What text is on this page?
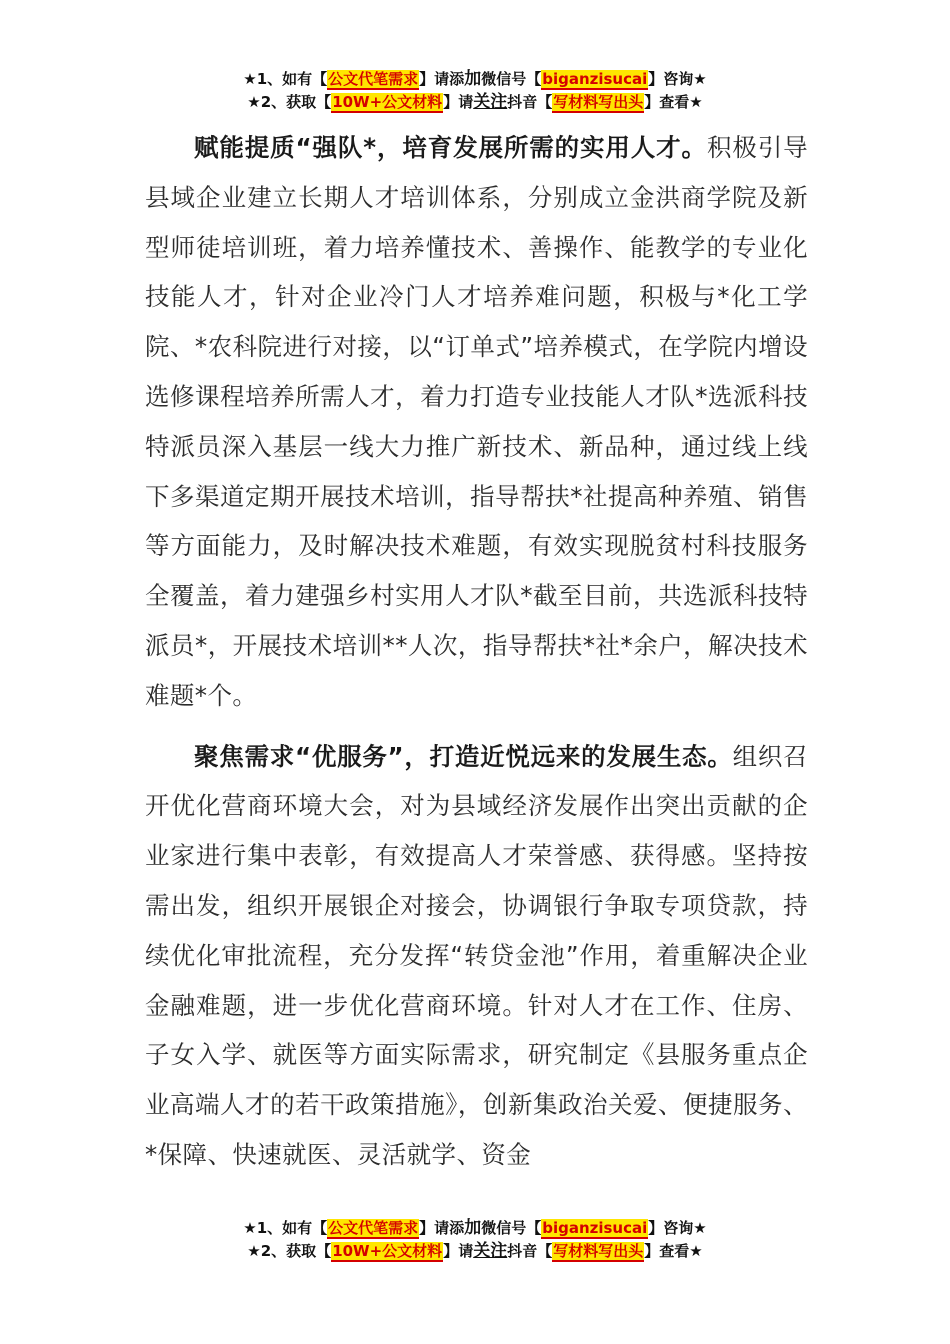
★1、如有【公文代笔需求】请添加微信号【biganzisucai】咨询★
★2、获取【10W+公文材料】请关注抖音【写材料写出头】查看★

赋能提质“强队*，培育发展所需的实用人才。积极引导县域企业建立长期人才培训体系，分别成立金洪商学院及新型师徒培训班，着力培养懂技术、善操作、能教学的专业化技能人才，针对企业冷门人才培养难问题，积极与*化工学院、*农科院进行对接，以“订单式”培养模式，在学院内增设选修课程培养所需人才，着力打造专业技能人才队*选派科技特派员深入基层一线大力推广新技术、新品种，通过线上线下多渠道定期开展技术培训，指导帮扶*社提高种养殖、销售等方面能力，及时解决技术难题，有效实现脱贫村科技服务全覆盖，着力建强乡村实用人才队*截至目前，共选派科技特派员*，开展技术培训**人次，指导帮扶*社*余户，解决技术难题*个。

聚焦需求“优服务”，打造近悦远来的发展生态。组织召开优化营商环境大会，对为县域经济发展作出突出贡献的企业家进行集中表彰，有效提高人才荣誉感、获得感。坚持按需出发，组织开展银企对接会，协调银行争取专项贷款，持续优化审批流程，充分发挥“转贷金池”作用，着重解决企业金融难题，进一步优化营商环境。针对人才在工作、住房、子女入学、就医等方面实际需求，研究制定《县服务重点企业高端人才的若干政策措施》，创新集政治关爱、便捷服务、*保障、快速就医、灵活就学、资金

★1、如有【公文代笔需求】请添加微信号【biganzisucai】咨询★
★2、获取【10W+公文材料】请关注抖音【写材料写出头】查看★
